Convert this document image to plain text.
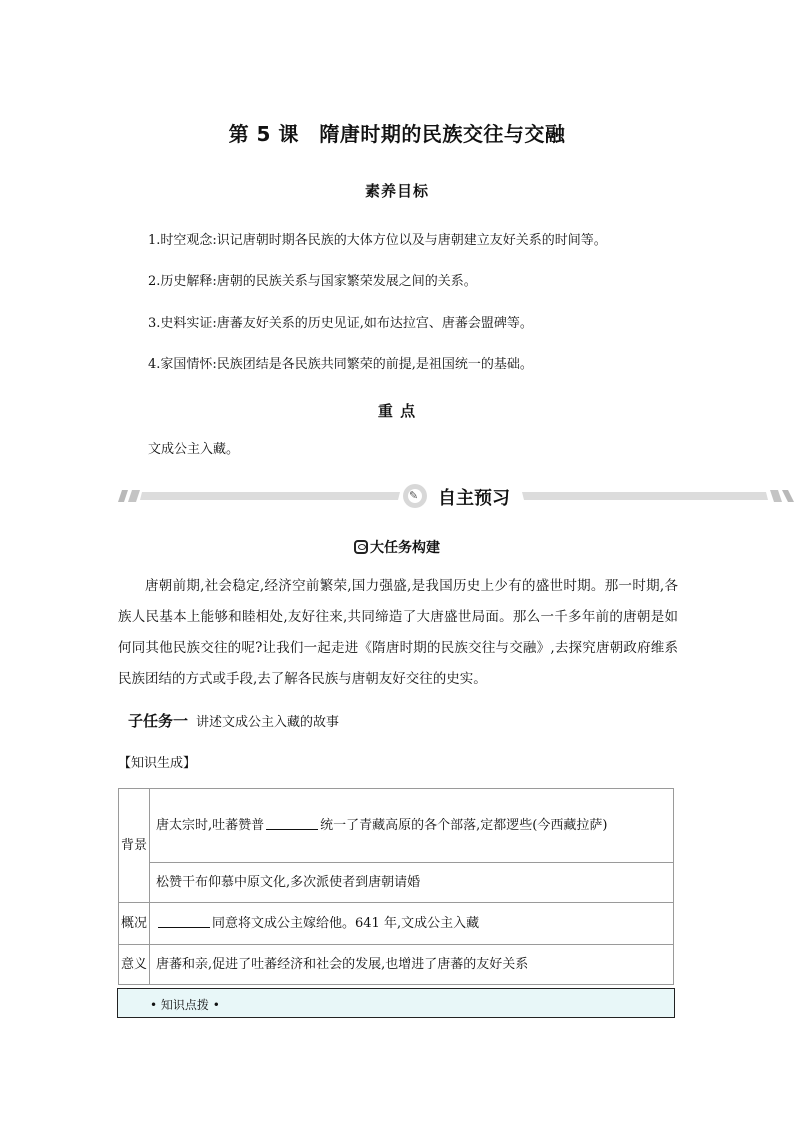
第 5 课　隋唐时期的民族交往与交融
素养目标
1.时空观念:识记唐朝时期各民族的大体方位以及与唐朝建立友好关系的时间等。
2.历史解释:唐朝的民族关系与国家繁荣发展之间的关系。
3.史料实证:唐蕃友好关系的历史见证,如布达拉宫、唐蕃会盟碑等。
4.家国情怀:民族团结是各民族共同繁荣的前提,是祖国统一的基础。
重 点
文成公主入藏。
✎ 自主预习
大任务构建
唐朝前期,社会稳定,经济空前繁荣,国力强盛,是我国历史上少有的盛世时期。那一时期,各族人民基本上能够和睦相处,友好往来,共同缔造了大唐盛世局面。那么一千多年前的唐朝是如何同其他民族交往的呢?让我们一起走进《隋唐时期的民族交往与交融》,去探究唐朝政府维系民族团结的方式或手段,去了解各民族与唐朝友好交往的史实。
子任务一 讲述文成公主入藏的故事
【知识生成】
背景	唐太宗时,吐蕃赞普 统一了青藏高原的各个部落,定都逻些(今西藏拉萨)
	松赞干布仰慕中原文化,多次派使者到唐朝请婚
概况	同意将文成公主嫁给他。641 年,文成公主入藏
意义	唐蕃和亲,促进了吐蕃经济和社会的发展,也增进了唐蕃的友好关系
• 知识点拨 •
